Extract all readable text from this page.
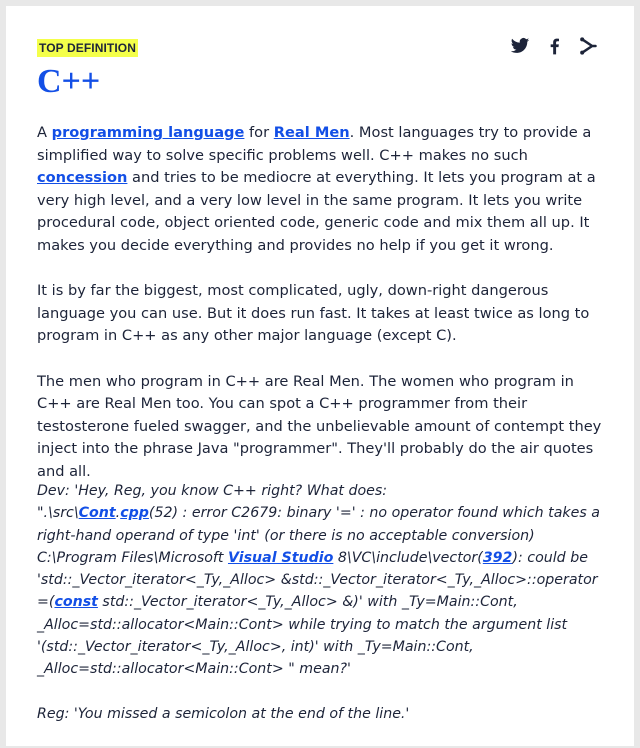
TOP DEFINITION
C++

A programming language for Real Men. Most languages try to provide a simplified way to solve specific problems well. C++ makes no such concession and tries to be mediocre at everything. It lets you program at a very high level, and a very low level in the same program. It lets you write procedural code, object oriented code, generic code and mix them all up. It makes you decide everything and provides no help if you get it wrong.

It is by far the biggest, most complicated, ugly, down-right dangerous language you can use. But it does run fast. It takes at least twice as long to program in C++ as any other major language (except C).

The men who program in C++ are Real Men. The women who program in C++ are Real Men too. You can spot a C++ programmer from their testosterone fueled swagger, and the unbelievable amount of contempt they inject into the phrase Java "programmer". They'll probably do the air quotes and all.

Dev: 'Hey, Reg, you know C++ right? What does:
".\src\Cont.cpp(52) : error C2679: binary '=' : no operator found which takes a right-hand operand of type 'int' (or there is no acceptable conversion)
C:\Program Files\Microsoft Visual Studio 8\VC\include\vector(392): could be 'std::_Vector_iterator<_Ty,_Alloc> &std::_Vector_iterator<_Ty,_Alloc>::operator =(const std::_Vector_iterator<_Ty,_Alloc> &)' with _Ty=Main::Cont, _Alloc=std::allocator<Main::Cont> while trying to match the argument list '(std::_Vector_iterator<_Ty,_Alloc>, int)' with _Ty=Main::Cont, _Alloc=std::allocator<Main::Cont> " mean?'

Reg: 'You missed a semicolon at the end of the line.'
